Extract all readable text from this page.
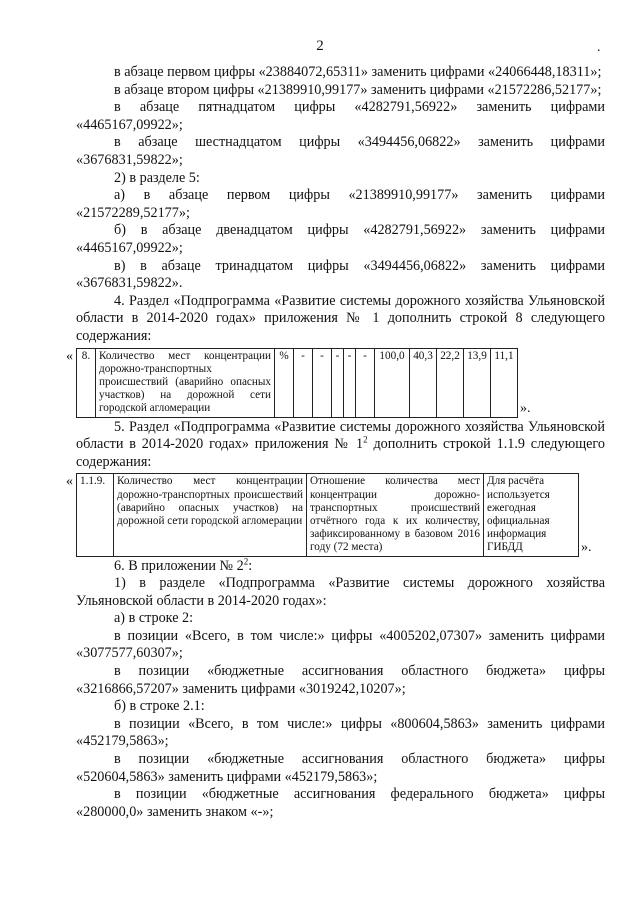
2	.

в абзаце первом цифры «23884072,65311» заменить цифрами «24066448,18311»;

в абзаце втором цифры «21389910,99177» заменить цифрами «21572286,52177»;

в абзаце пятнадцатом цифры «4282791,56922» заменить цифрами «4465167,09922»;

в абзаце шестнадцатом цифры «3494456,06822» заменить цифрами «3676831,59822»;

2) в разделе 5:

а) в абзаце первом цифры «21389910,99177» заменить цифрами «21572289,52177»;

б) в абзаце двенадцатом цифры «4282791,56922» заменить цифрами «4465167,09922»;

в) в абзаце тринадцатом цифры «3494456,06822» заменить цифрами «3676831,59822».

4. Раздел «Подпрограмма «Развитие системы дорожного хозяйства Ульяновской области в 2014-2020 годах» приложения № 1 дополнить строкой 8 следующего содержания:

« 8.	Количество мест концентрации дорожно-транспортных происшествий (аварийно опасных участков) на дорожной сети городской агломерации	%	-	-	-	-	-	100,0	40,3	22,2	13,9	11,1
».

5. Раздел «Подпрограмма «Развитие системы дорожного хозяйства Ульяновской области в 2014-2020 годах» приложения № $1^2$ дополнить строкой 1.1.9 следующего содержания:

« 1.1.9.	Количество мест концентрации дорожно-транспортных происшествий (аварийно опасных участков) на дорожной сети городской агломерации	Отношение количества мест концентрации дорожно-транспортных происшествий отчётного года к их количеству, зафиксированному в базовом 2016 году (72 места)	Для расчёта используется ежегодная официальная информация ГИБДД	».

6. В приложении № $2^2$:

1) в разделе «Подпрограмма «Развитие системы дорожного хозяйства Ульяновской области в 2014-2020 годах»:

а) в строке 2:

в позиции «Всего, в том числе:» цифры «4005202,07307» заменить цифрами «3077577,60307»;

в позиции «бюджетные ассигнования областного бюджета» цифры «3216866,57207» заменить цифрами «3019242,10207»;

б) в строке 2.1:

в позиции «Всего, в том числе:» цифры «800604,5863» заменить цифрами «452179,5863»;

в позиции «бюджетные ассигнования областного бюджета» цифры «520604,5863» заменить цифрами «452179,5863»;

в позиции «бюджетные ассигнования федерального бюджета» цифры «280000,0» заменить знаком «-»;
